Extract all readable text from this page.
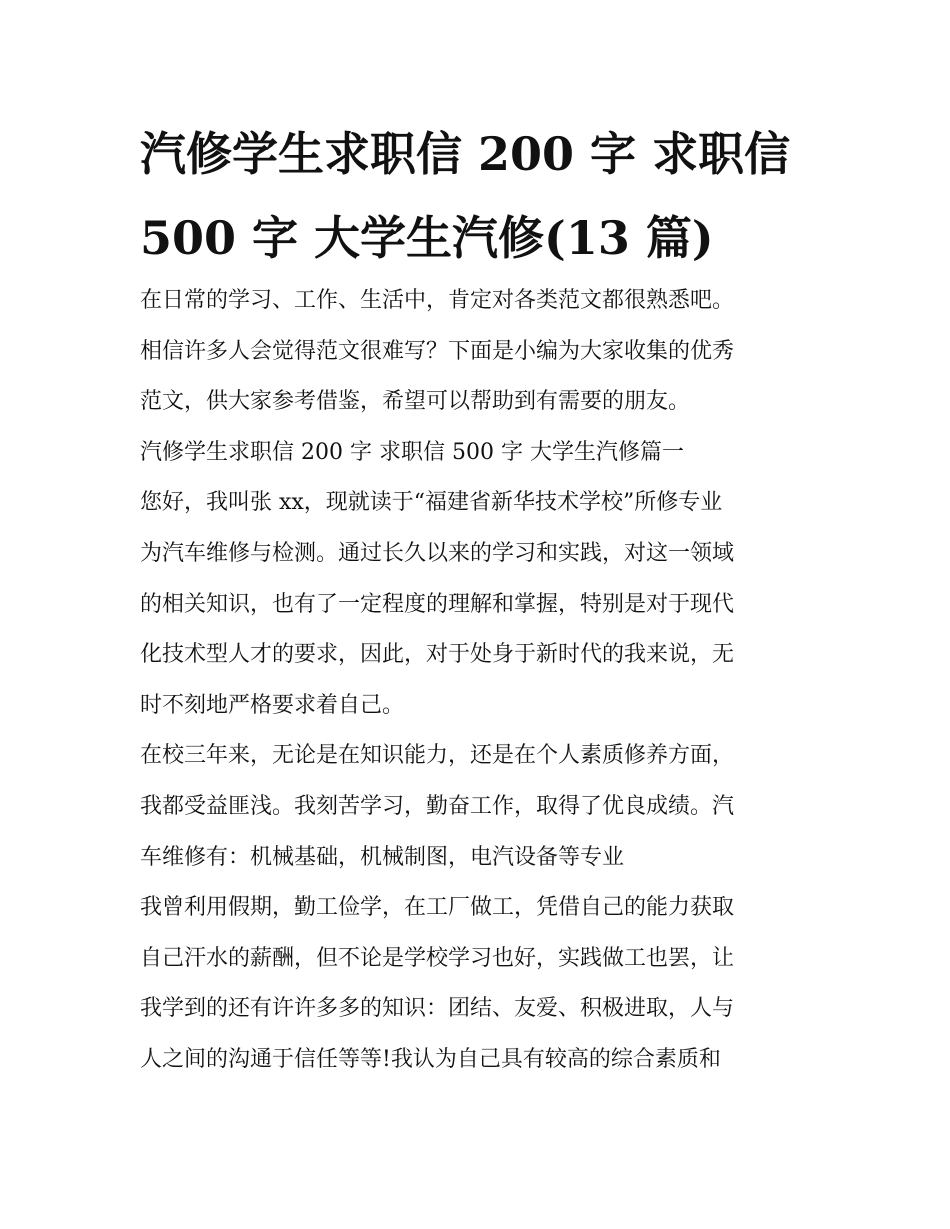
汽修学生求职信 200 字 求职信
500 字 大学生汽修(13 篇)
在日常的学习、工作、生活中，肯定对各类范文都很熟悉吧。
相信许多人会觉得范文很难写？下面是小编为大家收集的优秀
范文，供大家参考借鉴，希望可以帮助到有需要的朋友。
汽修学生求职信 200 字 求职信 500 字 大学生汽修篇一
您好，我叫张 xx，现就读于“福建省新华技术学校”所修专业
为汽车维修与检测。通过长久以来的学习和实践，对这一领域
的相关知识，也有了一定程度的理解和掌握，特别是对于现代
化技术型人才的要求，因此，对于处身于新时代的我来说，无
时不刻地严格要求着自己。
在校三年来，无论是在知识能力，还是在个人素质修养方面，
我都受益匪浅。我刻苦学习，勤奋工作，取得了优良成绩。汽
车维修有：机械基础，机械制图，电汽设备等专业
我曾利用假期，勤工俭学，在工厂做工，凭借自己的能力获取
自己汗水的薪酬，但不论是学校学习也好，实践做工也罢，让
我学到的还有许许多多的知识：团结、友爱、积极进取，人与
人之间的沟通于信任等等!我认为自己具有较高的综合素质和
